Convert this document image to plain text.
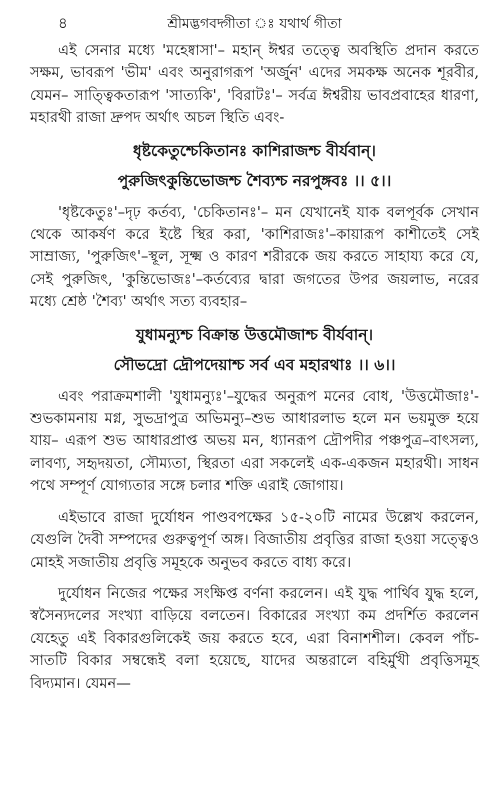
৪	শ্রীমদ্ভগবদ্গীতা ঃ যথার্থ গীতা

এই সেনার মধ্যে 'মহেষ্বাসা'– মহান্ ঈশ্বর তত্ত্বে অবস্থিতি প্রদান করতে সক্ষম, ভাবরূপ 'ভীম' এবং অনুরাগরূপ 'অর্জুন' এদের সমকক্ষ অনেক শূরবীর, যেমন– সাত্ত্বিকতারূপ 'সাত্যকি', 'বিরাটঃ'– সর্বত্র ঈশ্বরীয় ভাবপ্রবাহের ধারণা, মহারথী রাজা দ্রুপদ অর্থাৎ অচল স্থিতি এবং-

ধৃষ্টকেতুশ্চেকিতানঃ কাশিরাজশ্চ বীর্যবান্।
পুরুজিৎকুন্তিভোজশ্চ শৈব্যশ্চ নরপুঙ্গবঃ ।। ৫।।

'ধৃষ্টকেতুঃ'–দৃঢ় কর্তব্য, 'চেকিতানঃ'– মন যেখানেই যাক বলপূর্বক সেখান থেকে আকর্ষণ করে ইষ্টে স্থির করা, 'কাশিরাজঃ'–কায়ারূপ কাশীতেই সেই সাম্রাজ্য, 'পুরুজিৎ'–স্থূল, সূক্ষ্ম ও কারণ শরীরকে জয় করতে সাহায্য করে যে, সেই পুরুজিৎ, 'কুন্তিভোজঃ'–কর্তব্যের দ্বারা জগতের উপর জয়লাভ, নরের মধ্যে শ্রেষ্ঠ 'শৈব্য' অর্থাৎ সত্য ব্যবহার–

যুধামন্যুশ্চ বিক্রান্ত উত্তমৌজাশ্চ বীর্যবান্।
সৌভদ্রো দ্রৌপদেয়াশ্চ সর্ব এব মহারথাঃ ।। ৬।।

এবং পরাক্রমশালী 'যুধামন্যুঃ'–যুদ্ধের অনুরূপ মনের বোধ, 'উত্তমৌজাঃ'- শুভকামনায় মগ্ন, সুভদ্রাপুত্র অভিমন্যু–শুভ আধারলাভ হলে মন ভয়মুক্ত হয়ে যায়– এরূপ শুভ আধারপ্রাপ্ত অভয় মন, ধ্যানরূপ দ্রৌপদীর পঞ্চপুত্র–বাৎসল্য, লাবণ্য, সহৃদয়তা, সৌম্যতা, স্থিরতা এরা সকলেই এক-একজন মহারথী। সাধন পথে সম্পূর্ণ যোগ্যতার সঙ্গে চলার শক্তি এরাই জোগায়।

এইভাবে রাজা দুর্যোধন পাণ্ডবপক্ষের ১৫-২০টি নামের উল্লেখ করলেন, যেগুলি দৈবী সম্পদের গুরুত্বপূর্ণ অঙ্গ। বিজাতীয় প্রবৃত্তির রাজা হওয়া সত্ত্বেও মোহই সজাতীয় প্রবৃত্তি সমূহকে অনুভব করতে বাধ্য করে।

দুর্যোধন নিজের পক্ষের সংক্ষিপ্ত বর্ণনা করলেন। এই যুদ্ধ পার্থিব যুদ্ধ হলে, স্বসৈন্যদলের সংখ্যা বাড়িয়ে বলতেন। বিকারের সংখ্যা কম প্রদর্শিত করলেন যেহেতু এই বিকারগুলিকেই জয় করতে হবে, এরা বিনাশশীল। কেবল পাঁচ-সাতটি বিকার সম্বন্ধেই বলা হয়েছে, যাদের অন্তরালে বহির্মুখী প্রবৃত্তিসমূহ বিদ্যমান। যেমন—
